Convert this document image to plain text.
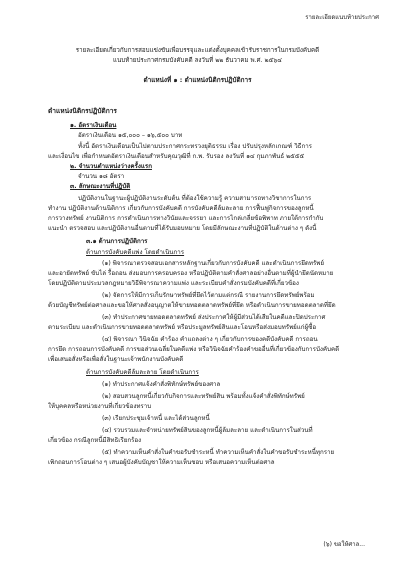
รายละเอียดแนบท้ายประกาศ
รายละเอียดเกี่ยวกับการสอบแข่งขันเพื่อบรรจุและแต่งตั้งบุคคลเข้ารับราชการในกรมบังคับคดี
แนบท้ายประกาศกรมบังคับคดี ลงวันที่ ๒๒ ธันวาคม พ.ศ. ๒๕๖๔
ตำแหน่งที่ ๑ : ตำแหน่งนิติกรปฏิบัติการ
ตำแหน่งนิติกรปฏิบัติการ
๑. อัตราเงินเดือน
อัตราเงินเดือน ๑๕,๐๐๐ – ๑๖,๕๐๐ บาท
ทั้งนี้ อัตราเงินเดือนเป็นไปตามประกาศกระทรวงยุติธรรม เรื่อง ปรับปรุงหลักเกณฑ์ วิธีการ
และเงื่อนไข เพื่อกำหนดอัตราเงินเดือนสำหรับคุณวุฒิที่ ก.พ. รับรอง ลงวันที่ ๑๔ กุมภาพันธ์ ๒๕๕๕
๒. จำนวนตำแหน่งว่างครั้งแรก
จำนวน ๑๘ อัตรา
๓. ลักษณะงานที่ปฏิบัติ
ปฏิบัติงานในฐานะผู้ปฏิบัติงานระดับต้น ที่ต้องใช้ความรู้ ความสามารถทางวิชาการในการ
ทำงาน ปฏิบัติงานด้านนิติการ เกี่ยวกับการบังคับคดี การบังคับคดีล้มละลาย การฟื้นฟูกิจการของลูกหนี้
การวางทรัพย์ งานนิติการ การดำเนินการทางวินัยและจรรยา และการไกล่เกลี่ยข้อพิพาท ภายใต้การกำกับ
แนะนำ ตรวจสอบ และปฏิบัติงานอื่นตามที่ได้รับมอบหมาย โดยมีลักษณะงานที่ปฏิบัติในด้านต่าง ๆ ดังนี้
๓.๑ ด้านการปฏิบัติการ
ด้านการบังคับคดีแพ่ง โดยดำเนินการ
(๑) พิจารณาตรวจสอบเอกสารหลักฐานเกี่ยวกับการบังคับคดี และดำเนินการยึดทรัพย์
และอายัดทรัพย์ ขับไล่ รื้อถอน ส่งมอบการครอบครอง หรือปฏิบัติตามคำสั่งศาลอย่างอื่นตามที่ผู้นำยึดนัดหมาย
โดยปฏิบัติตามประมวลกฎหมายวิธีพิจารณาความแพ่ง และระเบียบคำสั่งกรมบังคับคดีที่เกี่ยวข้อง
(๒) จัดการให้มีการเก็บรักษาทรัพย์ที่ยึดไว้ตามแต่กรณี รายงานการยึดทรัพย์พร้อม
ด้วยบัญชีทรัพย์ต่อศาลและขอให้ศาลสั่งอนุญาตให้ขายทอดตลาดทรัพย์ที่ยึด หรือดำเนินการขายทอดตลาดที่ยึด
(๓) ทำประกาศขายทอดตลาดทรัพย์ ส่งประกาศให้ผู้มีส่วนได้เสียในคดีและปิดประกาศ
ตามระเบียบ และดำเนินการขายทอดตลาดทรัพย์ หรือประมูลทรัพย์สินและโอนหรือส่งมอบทรัพย์แก่ผู้ซื้อ
(๔) พิจารณา วินิจฉัย คำร้อง คำแถลงต่าง ๆ เกี่ยวกับการของคดีบังคับคดี การถอน
การยึด การถอนการบังคับคดี การขอส่วนเฉลี่ยในคดีแพ่ง หรือวินิจฉัยคำร้องคำขออื่นที่เกี่ยวข้องกับการบังคับคดี
เพื่อเสนอสั่งหรือเพื่อสั่งในฐานะเจ้าพนักงานบังคับคดี
ด้านการบังคับคดีล้มละลาย โดยดำเนินการ
(๑) ทำประกาศแจ้งคำสั่งพิทักษ์ทรัพย์ของศาล
(๒) สอบสวนลูกหนี้เกี่ยวกับกิจการและทรัพย์สิน พร้อมทั้งแจ้งคำสั่งพิทักษ์ทรัพย์
ให้บุคคลหรือหน่วยงานที่เกี่ยวข้องทราบ
(๓) เรียกประชุมเจ้าหนี้ และได้ส่วนลูกหนี้
(๔) รวบรวมและจำหน่ายทรัพย์สินของลูกหนี้ผู้ล้มละลาย และดำเนินการในส่วนที่
เกี่ยวข้อง กรณีลูกหนี้มีสิทธิเรียกร้อง
(๕) ทำความเห็นคำสั่งในคำขอรับชำระหนี้ ทำความเห็นคำสั่งในคำขอรับชำระหนี้ทุกราย
เพิกถอนการโอนต่าง ๆ เสนอผู้บังคับบัญชาให้ความเห็นชอบ หรือเสนอความเห็นต่อศาล
(๖) ขอให้ศาล...
